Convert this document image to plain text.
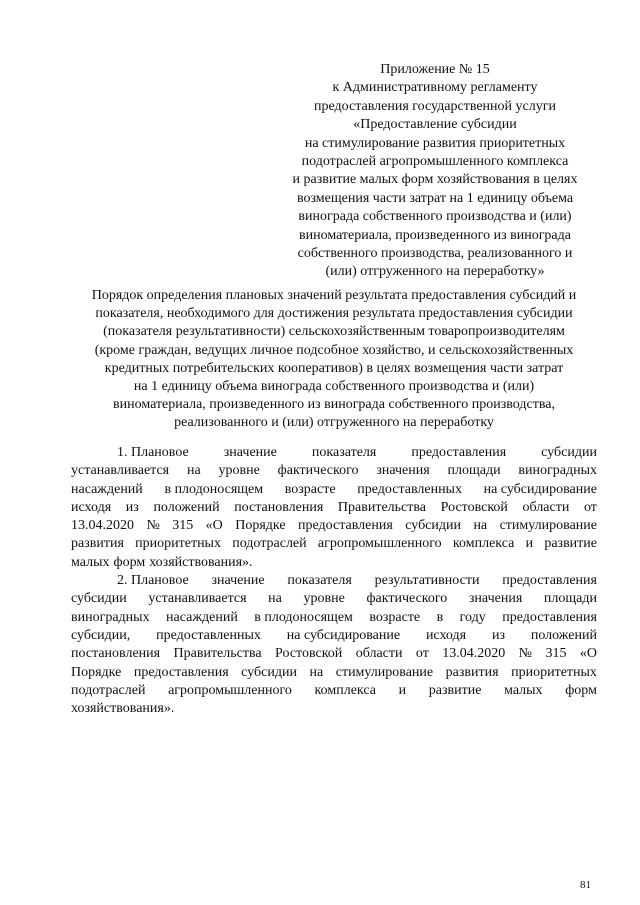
Приложение № 15
к Административному регламенту
предоставления государственной услуги
«Предоставление субсидии
на стимулирование развития приоритетных
подотраслей агропромышленного комплекса
и развитие малых форм хозяйствования в целях
возмещения части затрат на 1 единицу объема
винограда собственного производства и (или)
виноматериала, произведенного из винограда
собственного производства, реализованного и
(или) отгруженного на переработку»
Порядок определения плановых значений результата предоставления субсидий и
показателя, необходимого для достижения результата предоставления субсидии
(показателя результативности) сельскохозяйственным товаропроизводителям
(кроме граждан, ведущих личное подсобное хозяйство, и сельскохозяйственных
кредитных потребительских кооперативов) в целях возмещения части затрат
на 1 единицу объема винограда собственного производства и (или)
виноматериала, произведенного из винограда собственного производства,
реализованного и (или) отгруженного на переработку
1. Плановое	значение	показателя	предоставления	субсидии
устанавливается на уровне фактического значения площади виноградных
насаждений в плодоносящем возрасте предоставленных на субсидирование
исходя из положений постановления Правительства Ростовской области от
13.04.2020 № 315 «О Порядке предоставления субсидии на стимулирование
развития приоритетных подотраслей агропромышленного комплекса и развитие
малых форм хозяйствования».
2. Плановое значение показателя результативности предоставления
субсидии устанавливается на уровне фактического значения площади
виноградных насаждений в плодоносящем возрасте в году предоставления
субсидии, предоставленных на субсидирование исходя из положений
постановления Правительства Ростовской области от 13.04.2020 № 315 «О
Порядке предоставления субсидии на стимулирование развития приоритетных
подотраслей агропромышленного комплекса и развитие малых форм
хозяйствования».
81
